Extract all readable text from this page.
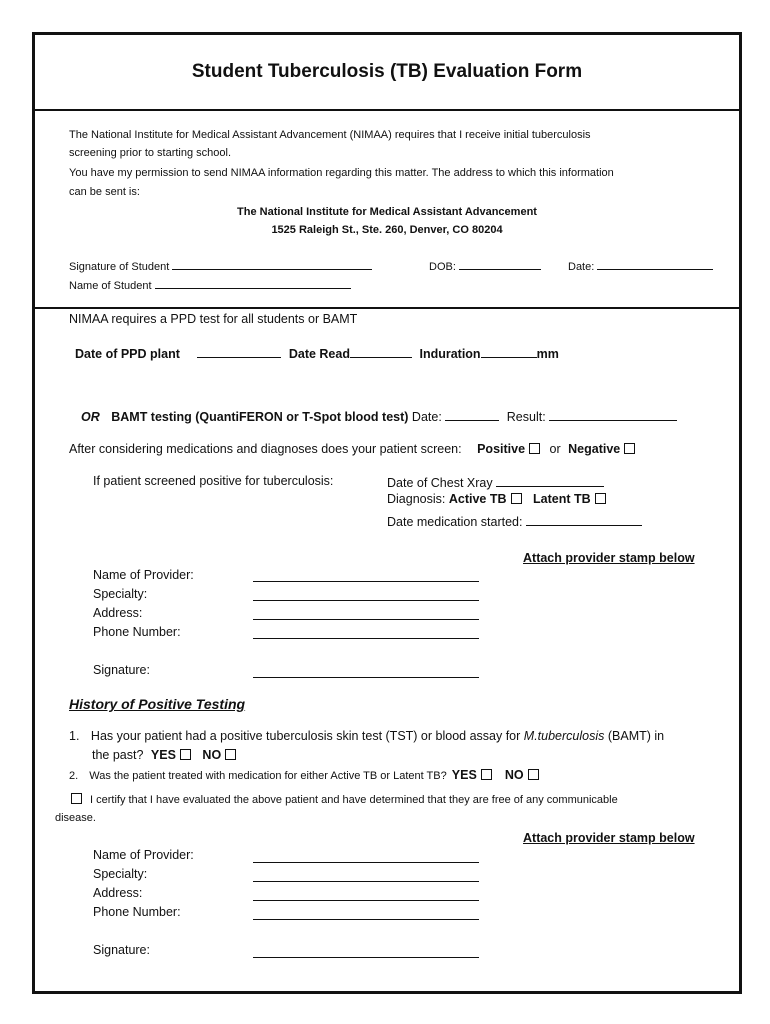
Student Tuberculosis (TB) Evaluation Form
The National Institute for Medical Assistant Advancement (NIMAA) requires that I receive initial tuberculosis
screening prior to starting school.
You have my permission to send NIMAA information regarding this matter. The address to which this information
can be sent is:
The National Institute for Medical Assistant Advancement
1525 Raleigh St., Ste. 260, Denver, CO 80204
Signature of Student	DOB:	Date:
Name of Student
NIMAA requires a PPD test for all students or BAMT
Date of PPD plant	Date Read	Induration	mm
OR BAMT testing (QuantiFERON or T-Spot blood test) Date:	Result:
After considering medications and diagnoses does your patient screen: Positive or Negative
If patient screened positive for tuberculosis:	Date of Chest Xray
Diagnosis: Active TB Latent TB
Date medication started:
Attach provider stamp below
Name of Provider:
Specialty:
Address:
Phone Number:
Signature:
History of Positive Testing
1. Has your patient had a positive tuberculosis skin test (TST) or blood assay for M.tuberculosis (BAMT) in
the past? YES NO
2. Was the patient treated with medication for either Active TB or Latent TB? YES NO
I certify that I have evaluated the above patient and have determined that they are free of any communicable
disease.
Attach provider stamp below
Name of Provider:
Specialty:
Address:
Phone Number:
Signature:
